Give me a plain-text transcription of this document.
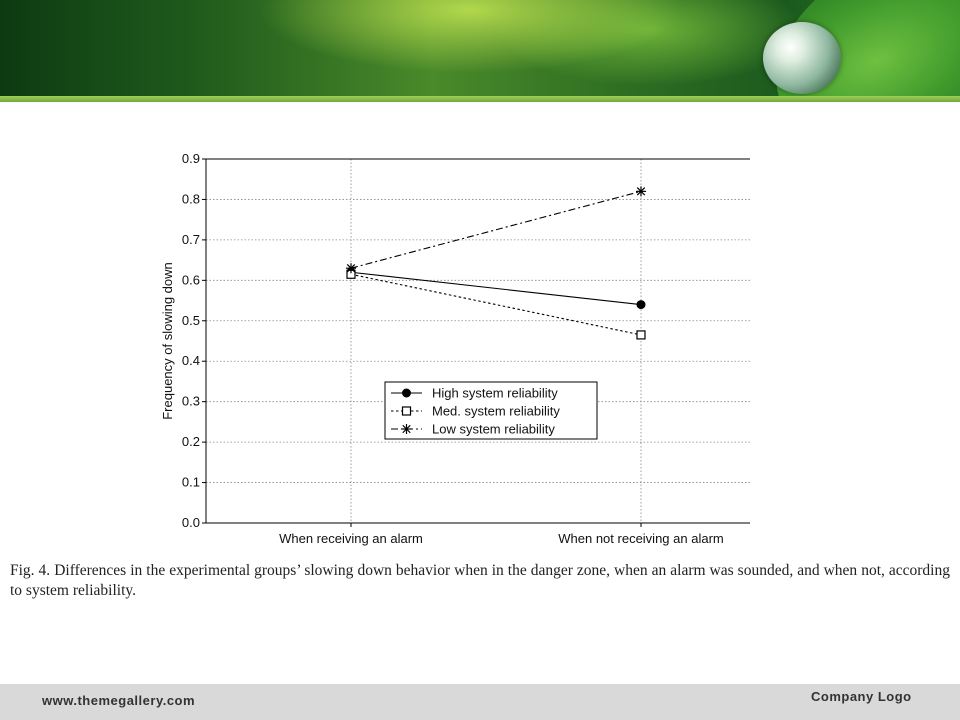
0.0
0.1
0.2
0.3
0.4
0.5
0.6
0.7
0.8
0.9
When receiving an alarm	When not receiving an alarm
Frequency of slowing down	High system reliability
Med. system reliability
Low system reliability

Fig. 4. Differences in the experimental groups’ slowing down behavior when in the danger zone, when an alarm was sounded, and when not, according to system reliability.

www.themegallery.com	Company Logo
